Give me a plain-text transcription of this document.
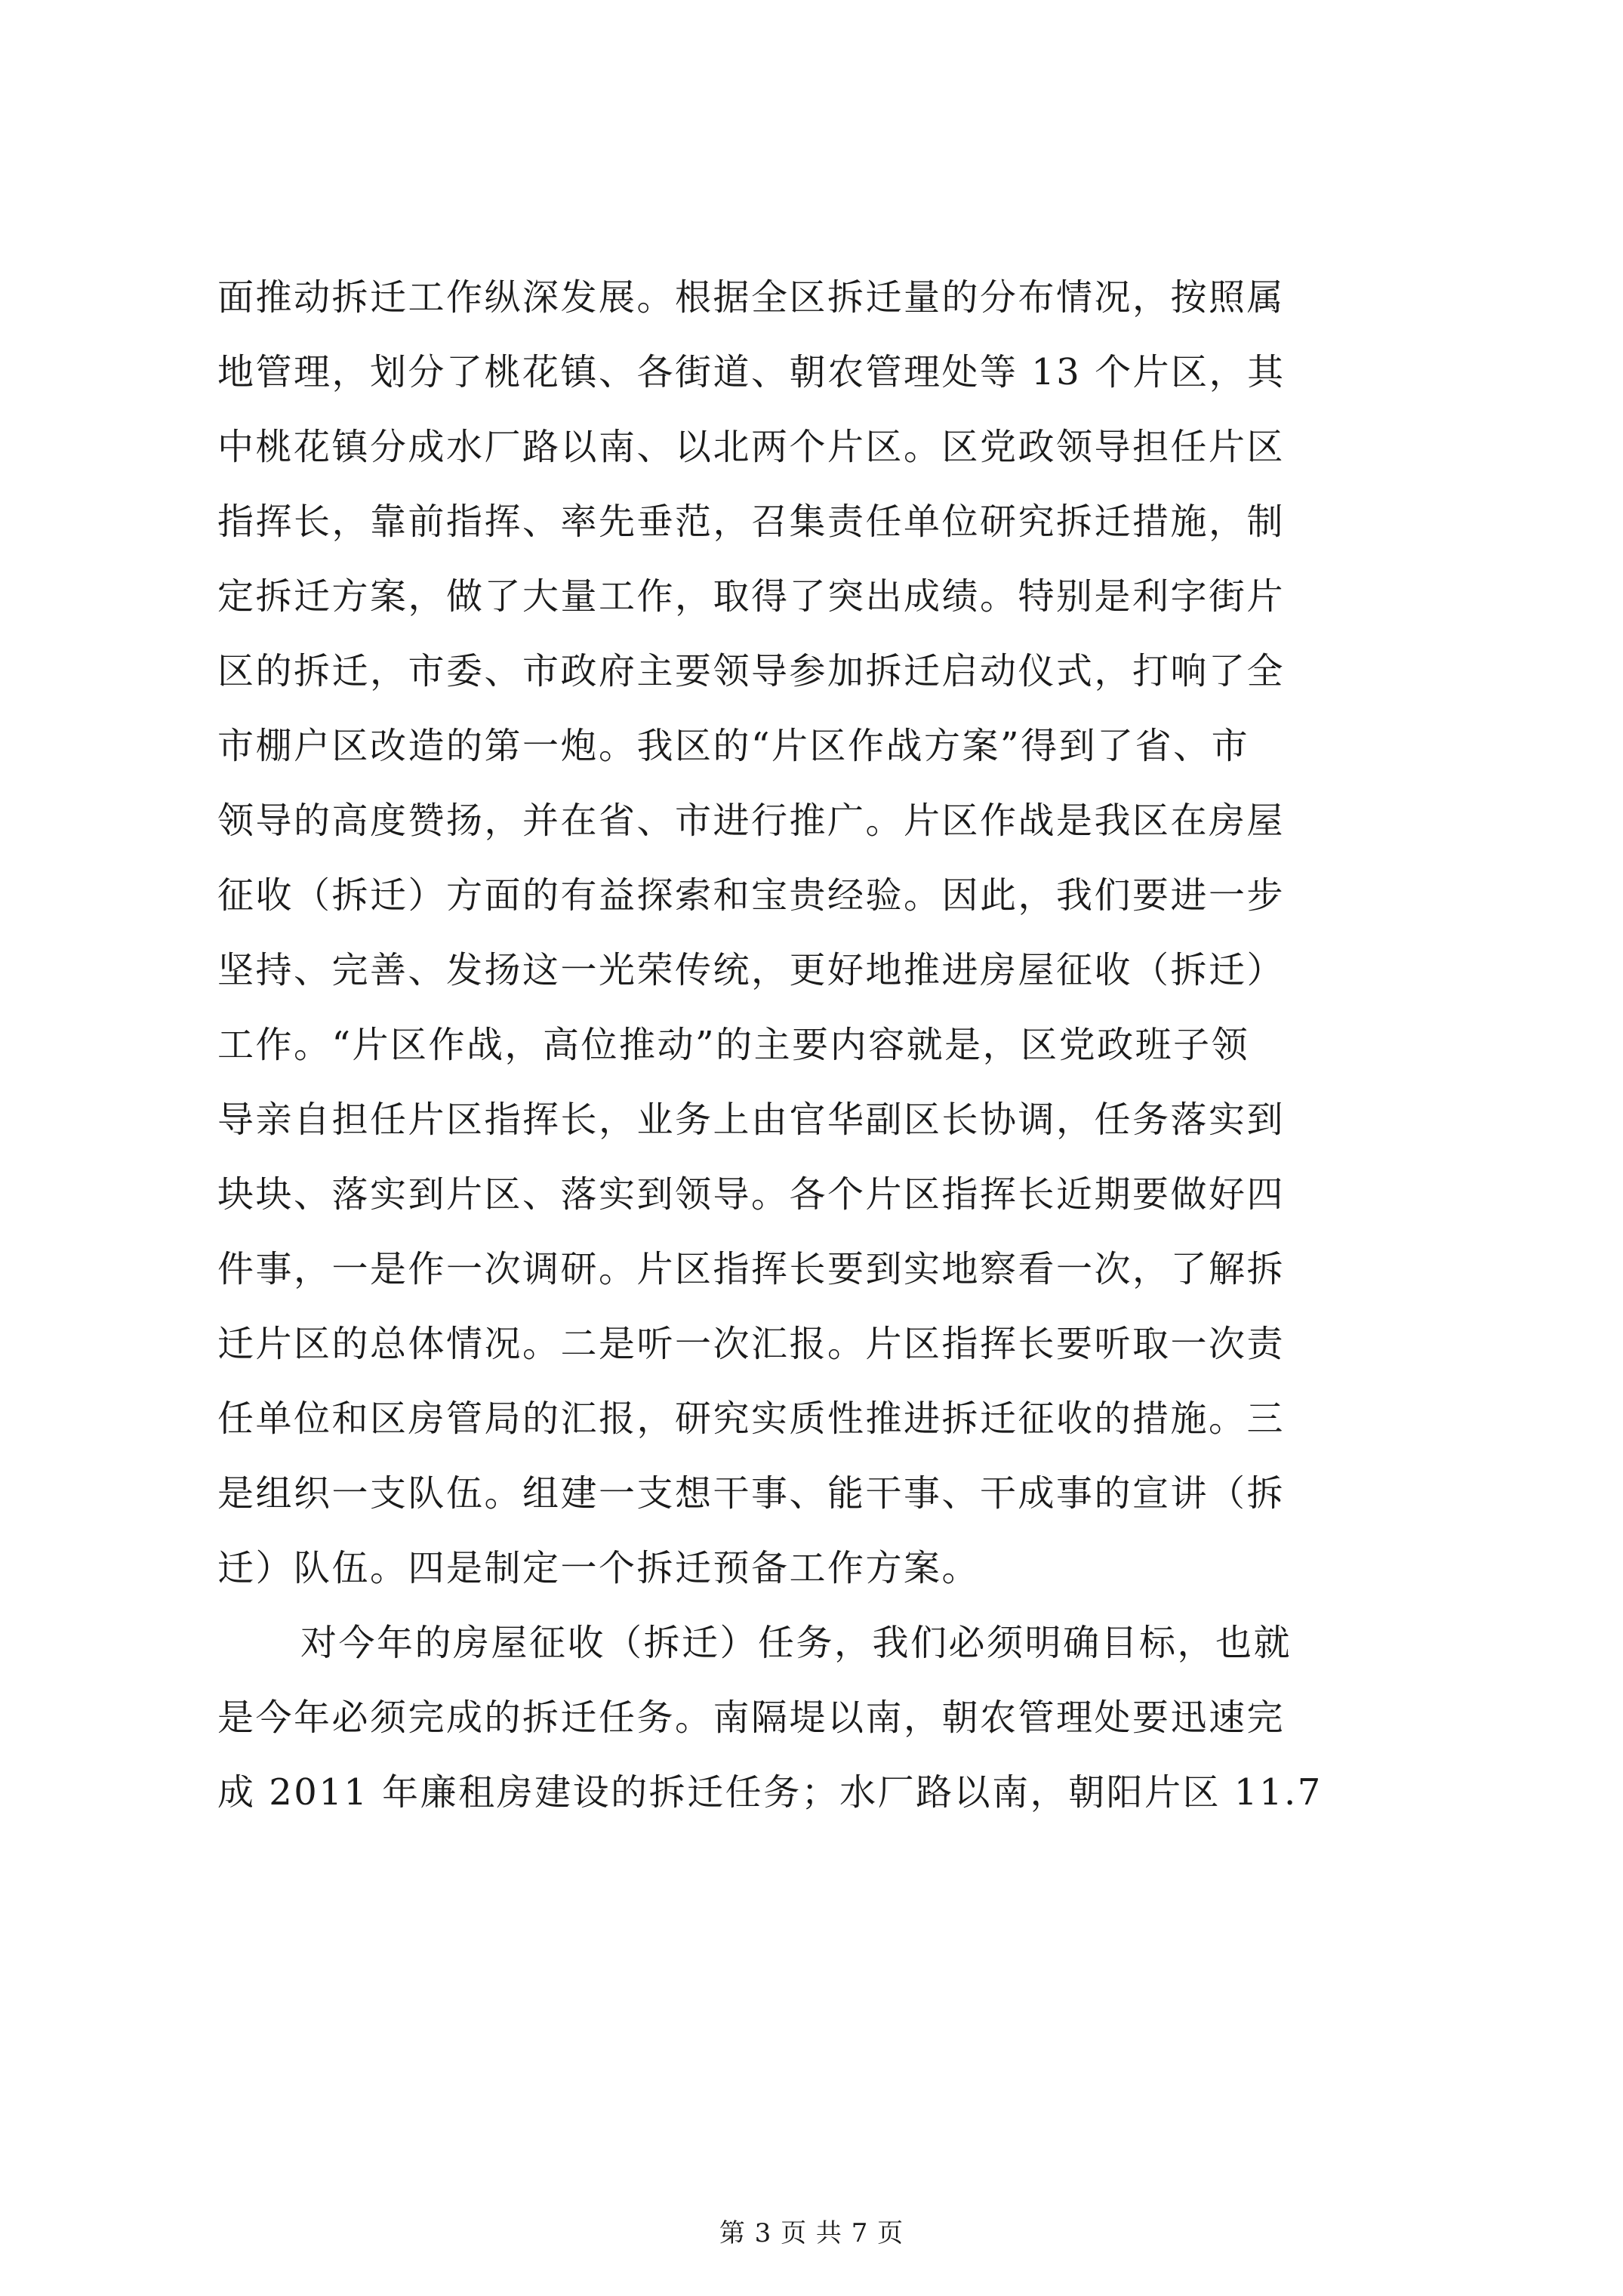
面推动拆迁工作纵深发展。根据全区拆迁量的分布情况，按照属
地管理，划分了桃花镇、各街道、朝农管理处等 13 个片区，其
中桃花镇分成水厂路以南、以北两个片区。区党政领导担任片区
指挥长，靠前指挥、率先垂范，召集责任单位研究拆迁措施，制
定拆迁方案，做了大量工作，取得了突出成绩。特别是利字街片
区的拆迁，市委、市政府主要领导参加拆迁启动仪式，打响了全
市棚户区改造的第一炮。我区的“片区作战方案”得到了省、市
领导的高度赞扬，并在省、市进行推广。片区作战是我区在房屋
征收（拆迁）方面的有益探索和宝贵经验。因此，我们要进一步
坚持、完善、发扬这一光荣传统，更好地推进房屋征收（拆迁）
工作。“片区作战，高位推动”的主要内容就是，区党政班子领
导亲自担任片区指挥长，业务上由官华副区长协调，任务落实到
块块、落实到片区、落实到领导。各个片区指挥长近期要做好四
件事，一是作一次调研。片区指挥长要到实地察看一次，了解拆
迁片区的总体情况。二是听一次汇报。片区指挥长要听取一次责
任单位和区房管局的汇报，研究实质性推进拆迁征收的措施。三
是组织一支队伍。组建一支想干事、能干事、干成事的宣讲（拆
迁）队伍。四是制定一个拆迁预备工作方案。
对今年的房屋征收（拆迁）任务，我们必须明确目标，也就
是今年必须完成的拆迁任务。南隔堤以南，朝农管理处要迅速完
成 2011 年廉租房建设的拆迁任务；水厂路以南，朝阳片区 11.7
第 3 页 共 7 页
